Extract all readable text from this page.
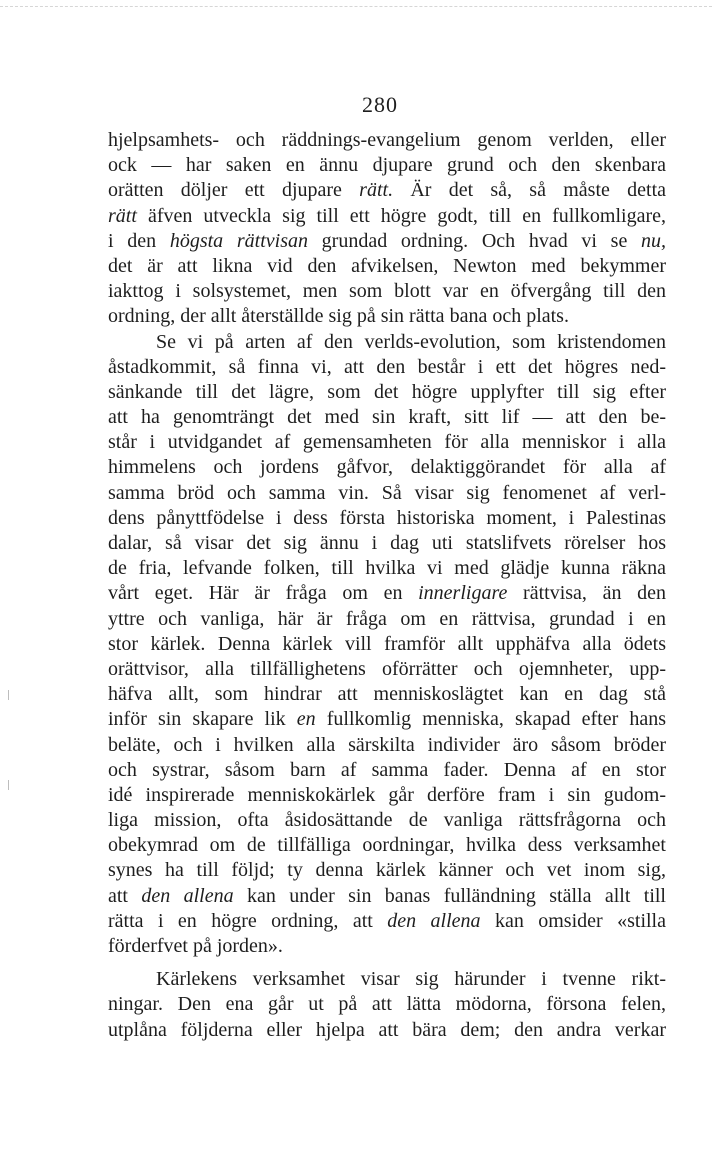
280
hjelpsamhets- och räddnings-evangelium genom verlden, eller
ock — har saken en ännu djupare grund och den skenbara
orätten döljer ett djupare rätt. Är det så, så måste detta
rätt äfven utveckla sig till ett högre godt, till en fullkomligare,
i den högsta rättvisan grundad ordning. Och hvad vi se nu,
det är att likna vid den afvikelsen, Newton med bekymmer
iakttog i solsystemet, men som blott var en öfvergång till den
ordning, der allt återställde sig på sin rätta bana och plats.
Se vi på arten af den verlds-evolution, som kristendomen
åstadkommit, så finna vi, att den består i ett det högres ned-
sänkande till det lägre, som det högre upplyfter till sig efter
att ha genomträngt det med sin kraft, sitt lif — att den be-
står i utvidgandet af gemensamheten för alla menniskor i alla
himmelens och jordens gåfvor, delaktiggörandet för alla af
samma bröd och samma vin. Så visar sig fenomenet af verl-
dens pånyttfödelse i dess första historiska moment, i Palestinas
dalar, så visar det sig ännu i dag uti statslifvets rörelser hos
de fria, lefvande folken, till hvilka vi med glädje kunna räkna
vårt eget. Här är fråga om en innerligare rättvisa, än den
yttre och vanliga, här är fråga om en rättvisa, grundad i en
stor kärlek. Denna kärlek vill framför allt upphäfva alla ödets
orättvisor, alla tillfällighetens oförrätter och ojemnheter, upp-
häfva allt, som hindrar att menniskoslägtet kan en dag stå
inför sin skapare lik en fullkomlig menniska, skapad efter hans
beläte, och i hvilken alla särskilta individer äro såsom bröder
och systrar, såsom barn af samma fader. Denna af en stor
idé inspirerade menniskokärlek går derföre fram i sin gudom-
liga mission, ofta åsidosättande de vanliga rättsfrågorna och
obekymrad om de tillfälliga oordningar, hvilka dess verksamhet
synes ha till följd; ty denna kärlek känner och vet inom sig,
att den allena kan under sin banas fulländning ställa allt till
rätta i en högre ordning, att den allena kan omsider «stilla
förderfvet på jorden».
Kärlekens verksamhet visar sig härunder i tvenne rikt-
ningar. Den ena går ut på att lätta mödorna, försona felen,
utplåna följderna eller hjelpa att bära dem; den andra verkar
